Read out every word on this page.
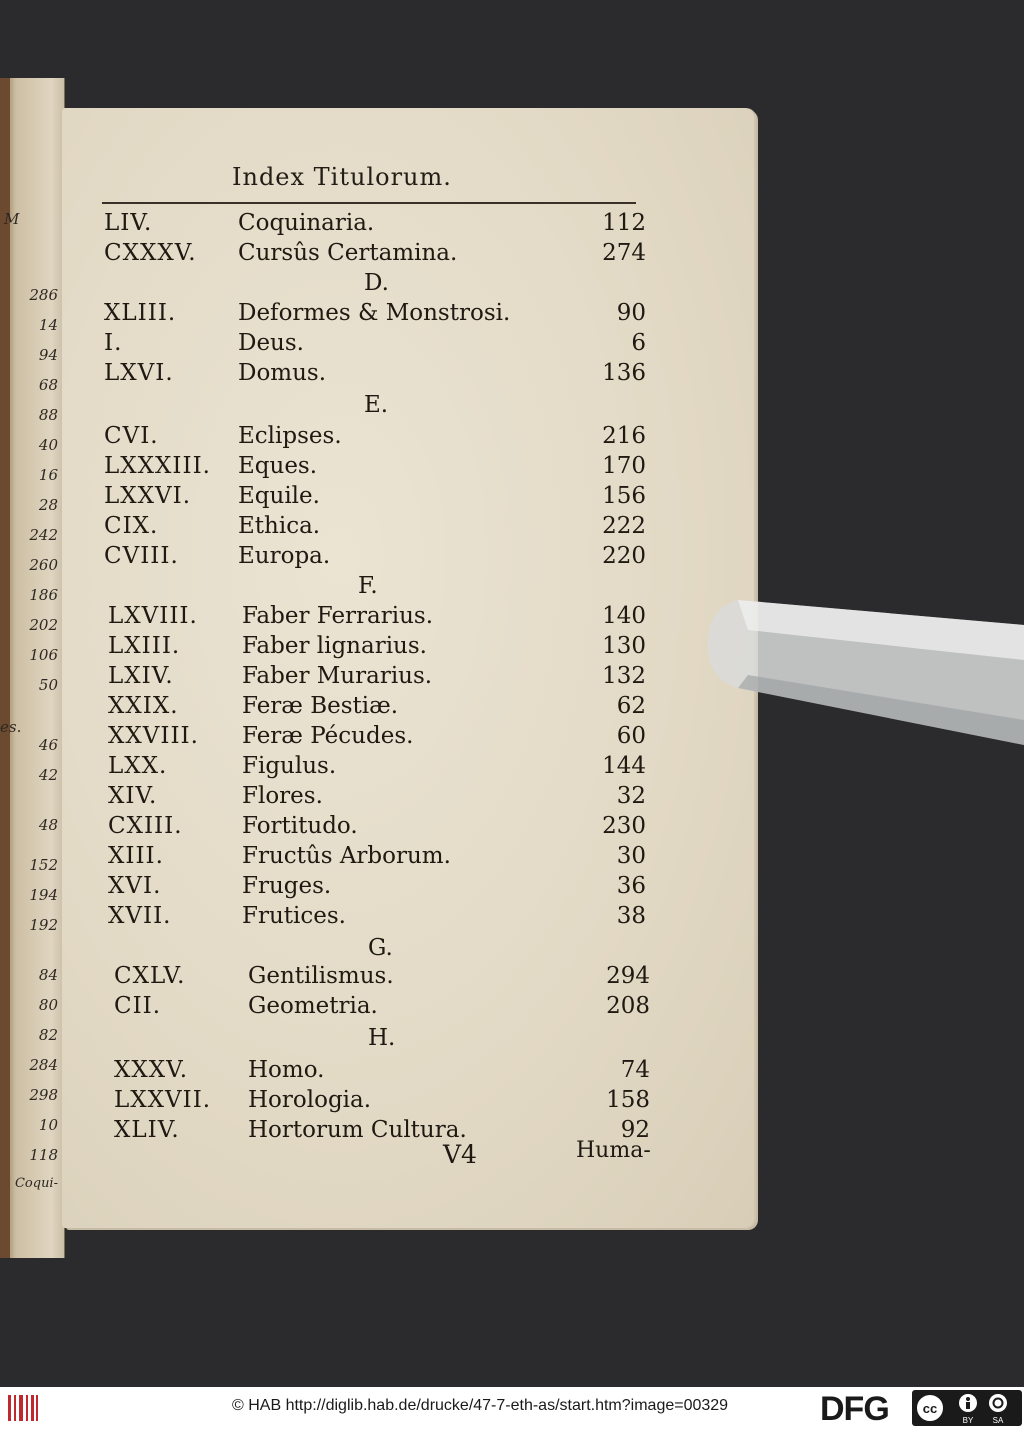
M
286
14
94
68
88
40
16
28
242
260
186
202
106
50
46
42
48
152
194
192
84
80
82
284
298
10
118
es.
Coqui-
Index Titulorum.
LIV.	Coquinaria.	112
CXXXV. Cursûs Certamina.	274
D.
XLIII.	Deformes & Monstrosi.	90
I.	Deus.	6
LXVI.	Domus.	136
E.
CVI.	Eclipses.	216
LXXXIII. Eques.	170
LXXVI. Equile.	156
CIX.	Ethica.	222
CVIII.	Europa.	220
F.
LXVIII. Faber Ferrarius.	140
LXIII.	Faber lignarius.	130
LXIV.	Faber Murarius.	132
XXIX.	Feræ Bestiæ.	62
XXVIII. Feræ Pécudes.	60
LXX.	Figulus.	144
XIV.	Flores.	32
CXIII.	Fortitudo.	230
XIII.	Fructûs Arborum.	30
XVI.	Fruges.	36
XVII.	Frutices.	38
G.
CXLV.	Gentilismus.	294
CII.	Geometria.	208
H.
XXXV.	Homo.	74
LXXVII. Horologia.	158
XLIV.	Hortorum Cultura.	92
V4	Huma-
© HAB http://diglib.hab.de/drucke/47-7-eth-as/start.htm?image=00329	DFG	cc
BY SA
